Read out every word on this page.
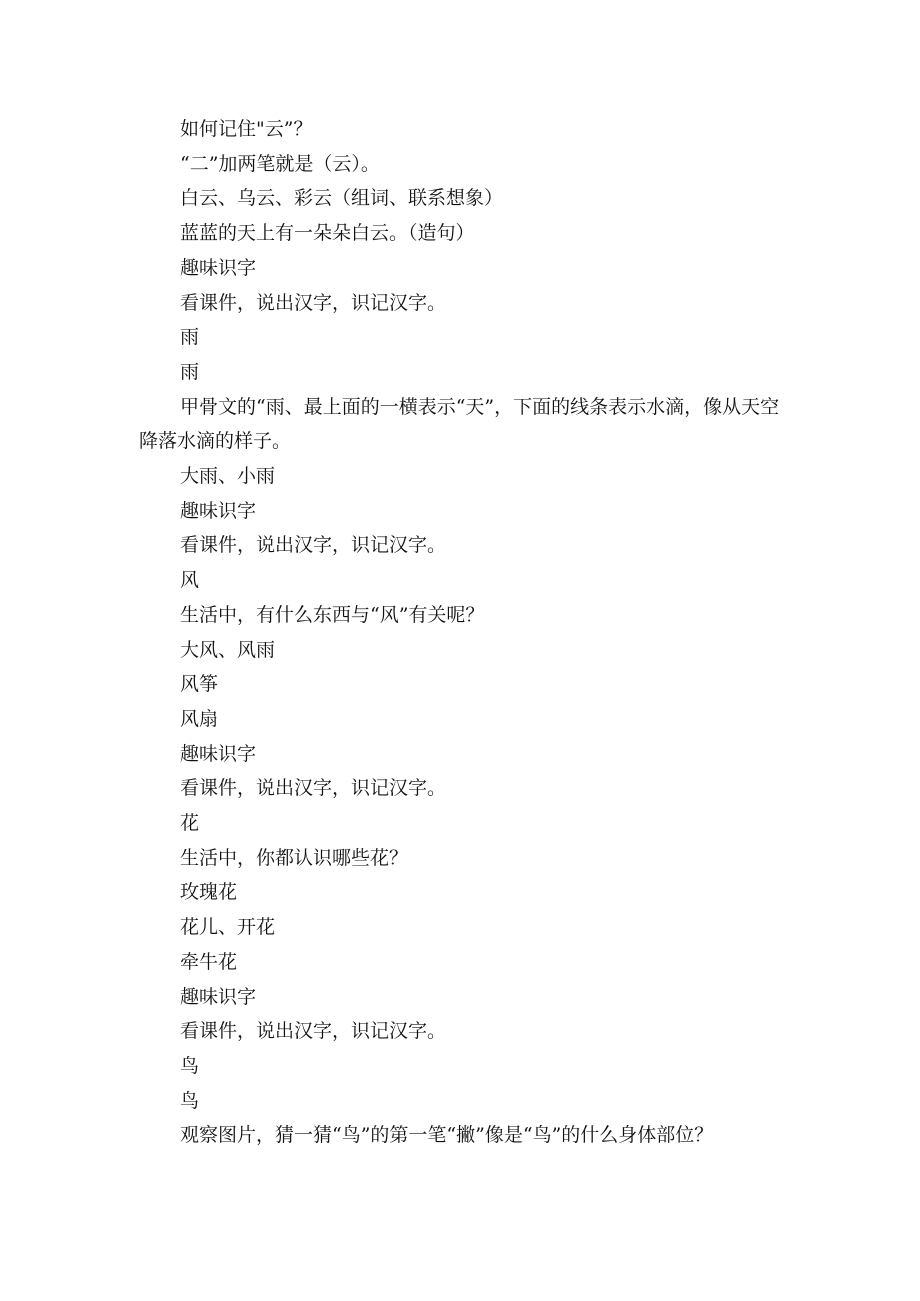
如何记住"云”？

“二”加两笔就是（云）。

白云、乌云、彩云（组词、联系想象）

蓝蓝的天上有一朵朵白云。（造句）

趣味识字

看课件，说出汉字，识记汉字。

雨

雨

甲骨文的“雨、最上面的一横表示“天”，下面的线条表示水滴，像从天空降落水滴的样子。

大雨、小雨

趣味识字

看课件，说出汉字，识记汉字。

风

生活中，有什么东西与“风”有关呢？

大风、风雨

风筝

风扇

趣味识字

看课件，说出汉字，识记汉字。

花

生活中，你都认识哪些花？

玫瑰花

花儿、开花

牵牛花

趣味识字

看课件，说出汉字，识记汉字。

鸟

鸟

观察图片，猜一猜“鸟”的第一笔“撇”像是“鸟”的什么身体部位？
